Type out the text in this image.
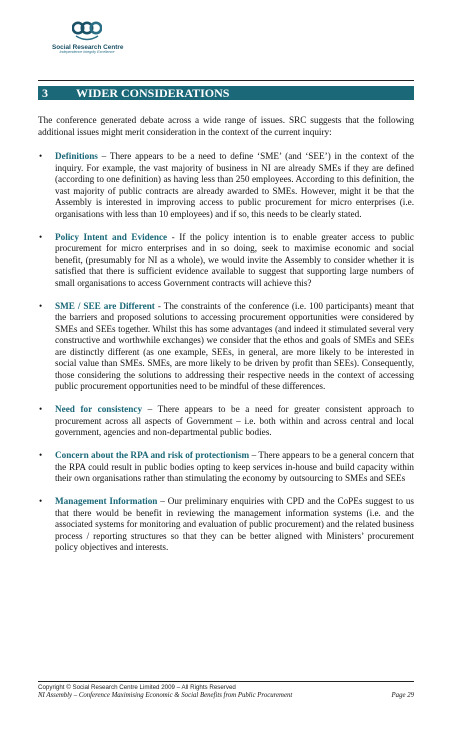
Social Research Centre
Independence Integrity Excellence
3 WIDER CONSIDERATIONS

The conference generated debate across a wide range of issues. SRC suggests that the following additional issues might merit consideration in the context of the current inquiry:

• Definitions – There appears to be a need to define ‘SME’ (and ‘SEE’) in the context of the inquiry. For example, the vast majority of business in NI are already SMEs if they are defined (according to one definition) as having less than 250 employees. According to this definition, the vast majority of public contracts are already awarded to SMEs. However, might it be that the Assembly is interested in improving access to public procurement for micro enterprises (i.e. organisations with less than 10 employees) and if so, this needs to be clearly stated.
• Policy Intent and Evidence - If the policy intention is to enable greater access to public procurement for micro enterprises and in so doing, seek to maximise economic and social benefit, (presumably for NI as a whole), we would invite the Assembly to consider whether it is satisfied that there is sufficient evidence available to suggest that supporting large numbers of small organisations to access Government contracts will achieve this?
• SME / SEE are Different - The constraints of the conference (i.e. 100 participants) meant that the barriers and proposed solutions to accessing procurement opportunities were considered by SMEs and SEEs together. Whilst this has some advantages (and indeed it stimulated several very constructive and worthwhile exchanges) we consider that the ethos and goals of SMEs and SEEs are distinctly different (as one example, SEEs, in general, are more likely to be interested in social value than SMEs. SMEs, are more likely to be driven by profit than SEEs). Consequently, those considering the solutions to addressing their respective needs in the context of accessing public procurement opportunities need to be mindful of these differences.
• Need for consistency – There appears to be a need for greater consistent approach to procurement across all aspects of Government – i.e. both within and across central and local government, agencies and non-departmental public bodies.
• Concern about the RPA and risk of protectionism – There appears to be a general concern that the RPA could result in public bodies opting to keep services in-house and build capacity within their own organisations rather than stimulating the economy by outsourcing to SMEs and SEEs
• Management Information – Our preliminary enquiries with CPD and the CoPEs suggest to us that there would be benefit in reviewing the management information systems (i.e. and the associated systems for monitoring and evaluation of public procurement) and the related business process / reporting structures so that they can be better aligned with Ministers’ procurement policy objectives and interests.
Copyright © Social Research Centre Limited 2009 – All Rights Reserved
NI Assembly – Conference Maximising Economic & Social Benefits from Public Procurement	Page 29
